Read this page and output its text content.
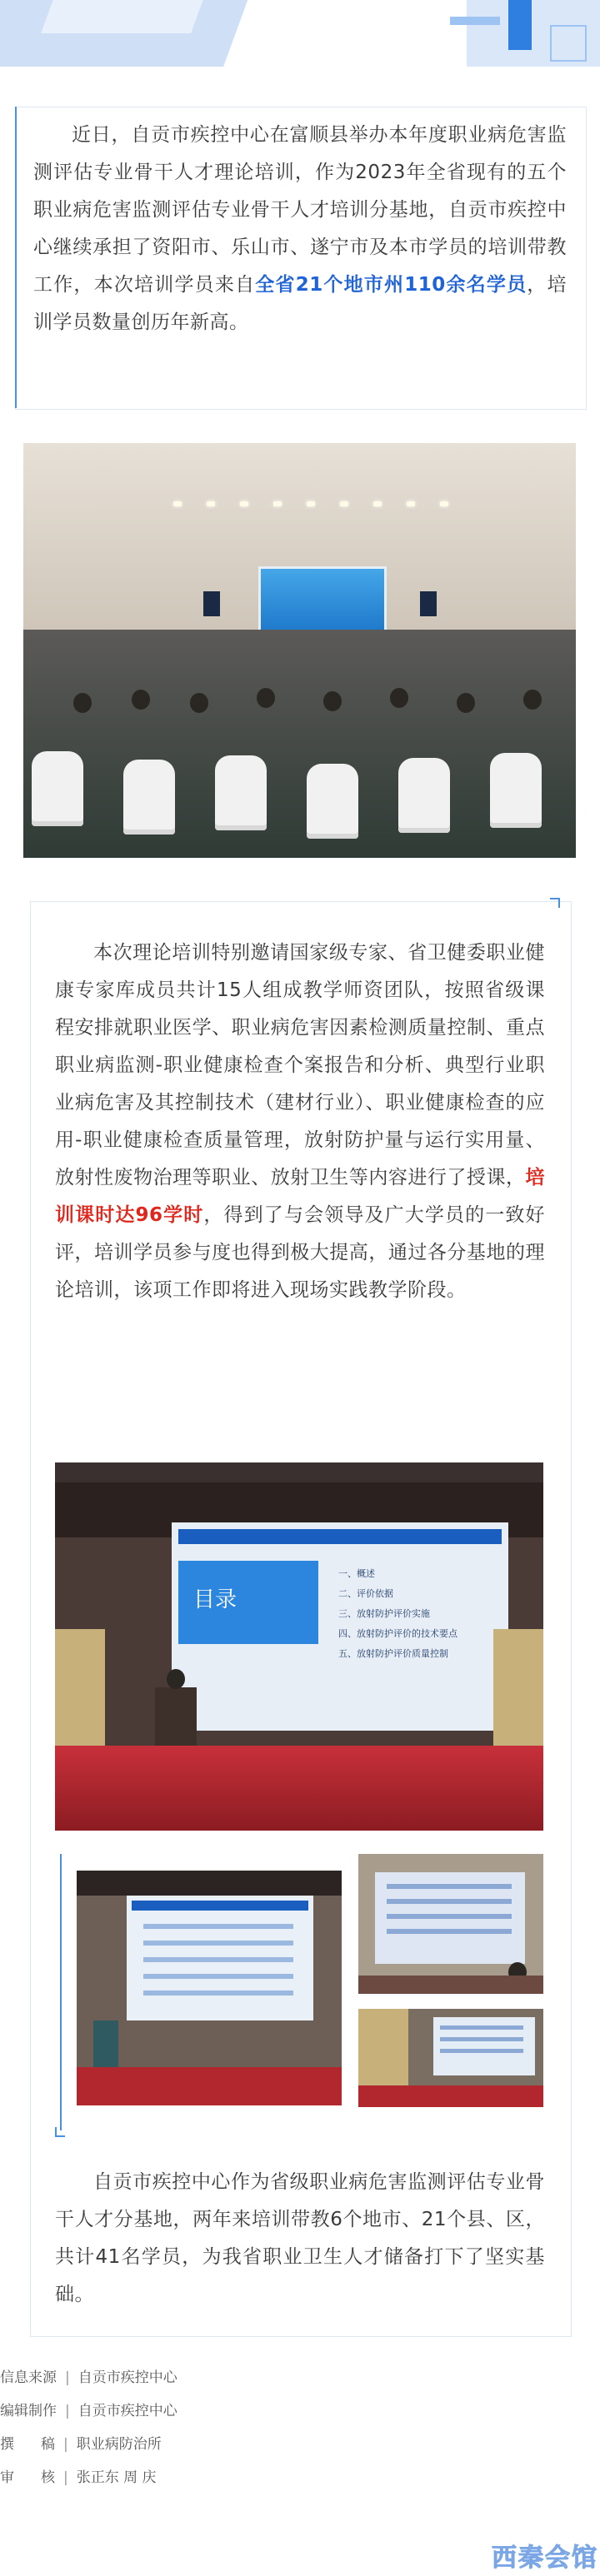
近日，自贡市疾控中心在富顺县举办本年度职业病危害监测评估专业骨干人才理论培训，作为2023年全省现有的五个职业病危害监测评估专业骨干人才培训分基地，自贡市疾控中心继续承担了资阳市、乐山市、遂宁市及本市学员的培训带教工作，本次培训学员来自全省21个地市州110余名学员，培训学员数量创历年新高。
本次理论培训特别邀请国家级专家、省卫健委职业健康专家库成员共计15人组成教学师资团队，按照省级课程安排就职业医学、职业病危害因素检测质量控制、重点职业病监测-职业健康检查个案报告和分析、典型行业职业病危害及其控制技术（建材行业）、职业健康检查的应用-职业健康检查质量管理，放射防护量与运行实用量、放射性废物治理等职业、放射卫生等内容进行了授课，培训课时达96学时，得到了与会领导及广大学员的一致好评，培训学员参与度也得到极大提高，通过各分基地的理论培训，该项工作即将进入现场实践教学阶段。
目录
一、概述
二、评价依据
三、放射防护评价实施
四、放射防护评价的技术要点
五、放射防护评价质量控制
自贡市疾控中心作为省级职业病危害监测评估专业骨干人才分基地，两年来培训带教6个地市、21个县、区，共计41名学员，为我省职业卫生人才储备打下了坚实基础。
信息来源 | 自贡市疾控中心
编辑制作 | 自贡市疾控中心
撰稿 | 职业病防治所
审核 | 张正东 周 庆
西秦会馆
